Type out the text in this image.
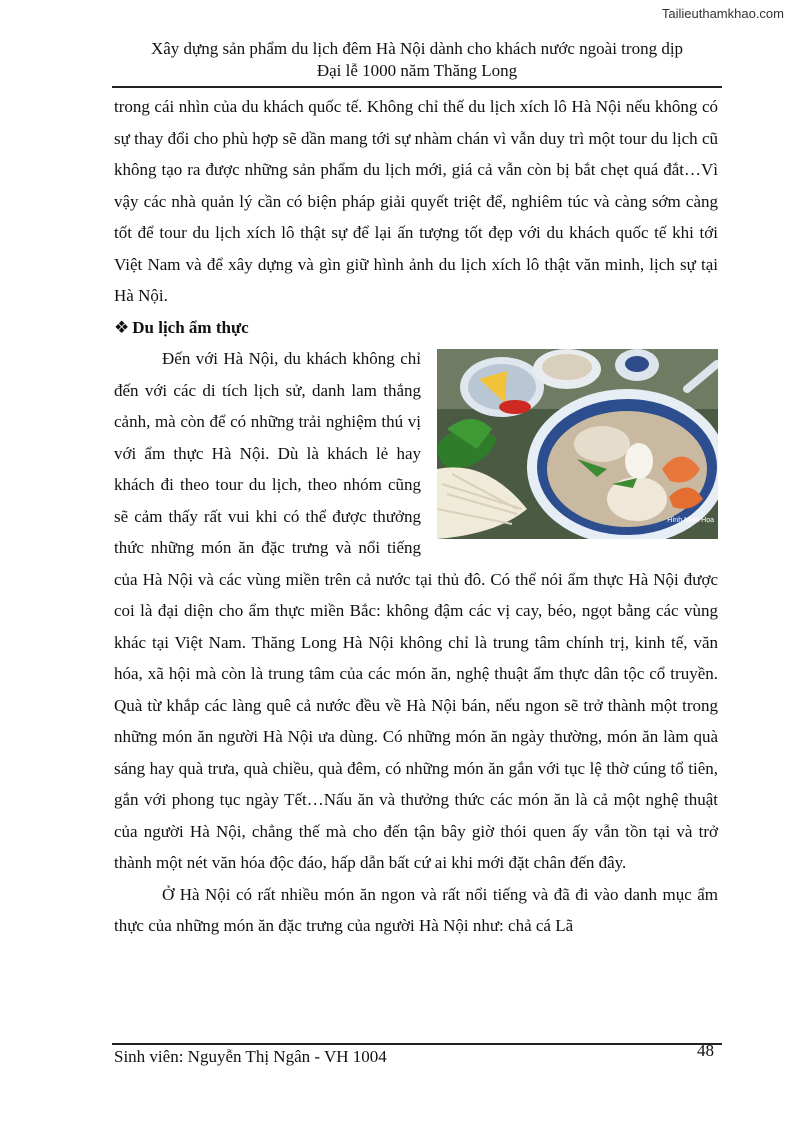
Tailieuthamkhao.com
Xây dựng sản phẩm du lịch đêm Hà Nội dành cho khách nước ngoài trong dịp
Đại lễ 1000 năm Thăng Long

trong cái nhìn của du khách quốc tế. Không chỉ thế du lịch xích lô Hà Nội nếu không có sự thay đổi cho phù hợp sẽ dần mang tới sự nhàm chán vì vẫn duy trì một tour du lịch cũ không tạo ra được những sản phẩm du lịch mới, giá cả vẫn còn bị bắt chẹt quá đắt…Vì vậy các nhà quản lý cần có biện pháp giải quyết triệt để, nghiêm túc và càng sớm càng tốt để tour du lịch xích lô thật sự để lại ấn tượng tốt đẹp với du khách quốc tế khi tới Việt Nam và để xây dựng và gìn giữ hình ảnh du lịch xích lô thật văn minh, lịch sự tại Hà Nội.

❖ Du lịch ẩm thực

Hình Minh Họa

Đến với Hà Nội, du khách không chỉ đến với các di tích lịch sử, danh lam thắng cảnh, mà còn để có những trải nghiệm thú vị với ẩm thực Hà Nội. Dù là khách lẻ hay khách đi theo tour du lịch, theo nhóm cũng sẽ cảm thấy rất vui khi có thể được thưởng thức những món ăn đặc trưng và nổi tiếng của Hà Nội và các vùng miền trên cả nước tại thủ đô. Có thể nói ẩm thực Hà Nội được coi là đại diện cho ẩm thực miền Bắc: không đậm các vị cay, béo, ngọt bằng các vùng khác tại Việt Nam. Thăng Long Hà Nội không chỉ là trung tâm chính trị, kinh tế, văn hóa, xã hội mà còn là trung tâm của các món ăn, nghệ thuật ẩm thực dân tộc cổ truyền. Quà từ khắp các làng quê cả nước đều về Hà Nội bán, nếu ngon sẽ trở thành một trong những món ăn người Hà Nội ưa dùng. Có những món ăn ngày thường, món ăn làm quà sáng hay quà trưa, quà chiều, quà đêm, có những món ăn gắn với tục lệ thờ cúng tổ tiên, gắn với phong tục ngày Tết…Nấu ăn và thưởng thức các món ăn là cả một nghệ thuật của người Hà Nội, chẳng thế mà cho đến tận bây giờ thói quen ấy vẫn tồn tại và trở thành một nét văn hóa độc đáo, hấp dẫn bất cứ ai khi mới đặt chân đến đây.

Ở Hà Nội có rất nhiều món ăn ngon và rất nổi tiếng và đã đi vào danh mục ẩm thực của những món ăn đặc trưng của người Hà Nội như: chả cá Lã

Sinh viên: Nguyễn Thị Ngân - VH 1004	48
